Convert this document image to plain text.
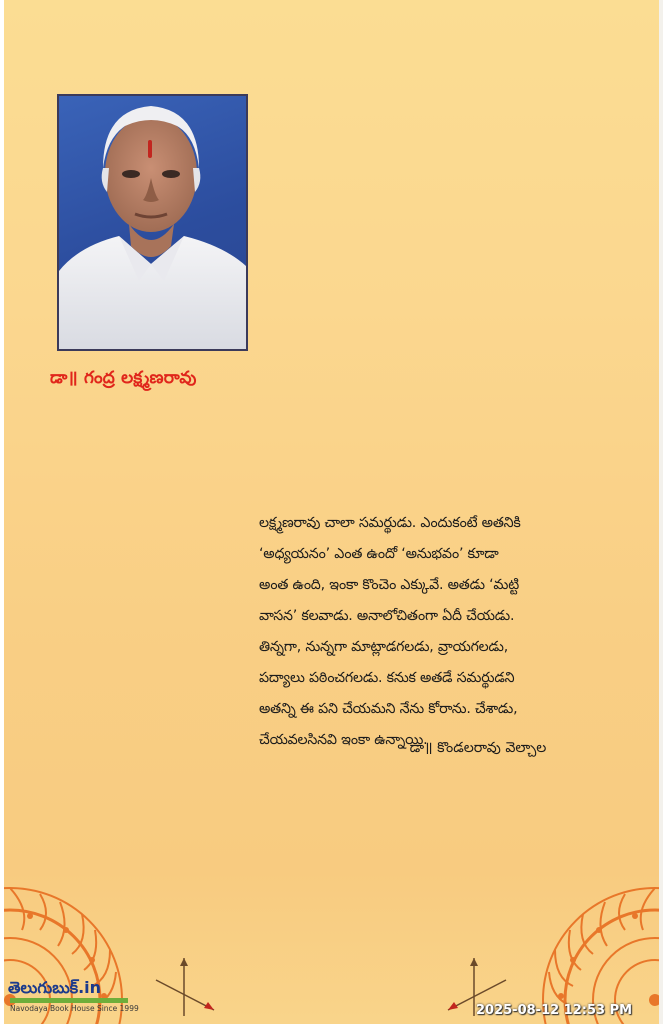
డా॥ గంద్ర లక్ష్మణరావు
లక్ష్మణరావు చాలా సమర్థుడు. ఎందుకంటే అతనికి
‘అధ్యయనం’ ఎంత ఉందో ‘అనుభవం’ కూడా
అంత ఉంది, ఇంకా కొంచెం ఎక్కువే. అతడు ‘మట్టి
వాసన’ కలవాడు. అనాలోచితంగా ఏదీ చేయడు.
తిన్నగా, నున్నగా మాట్లాడగలడు, వ్రాయగలడు,
పద్యాలు పఠించగలడు. కనుక అతడే సమర్థుడని
అతన్ని ఈ పని చేయమని నేను కోరాను. చేశాడు,
చేయవలసినవి ఇంకా ఉన్నాయి.
- డా॥ కొండలరావు వెల్చాల
తెలుగుబుక్.in
Navodaya Book House Since 1999	2025-08-12 12:53 PM
